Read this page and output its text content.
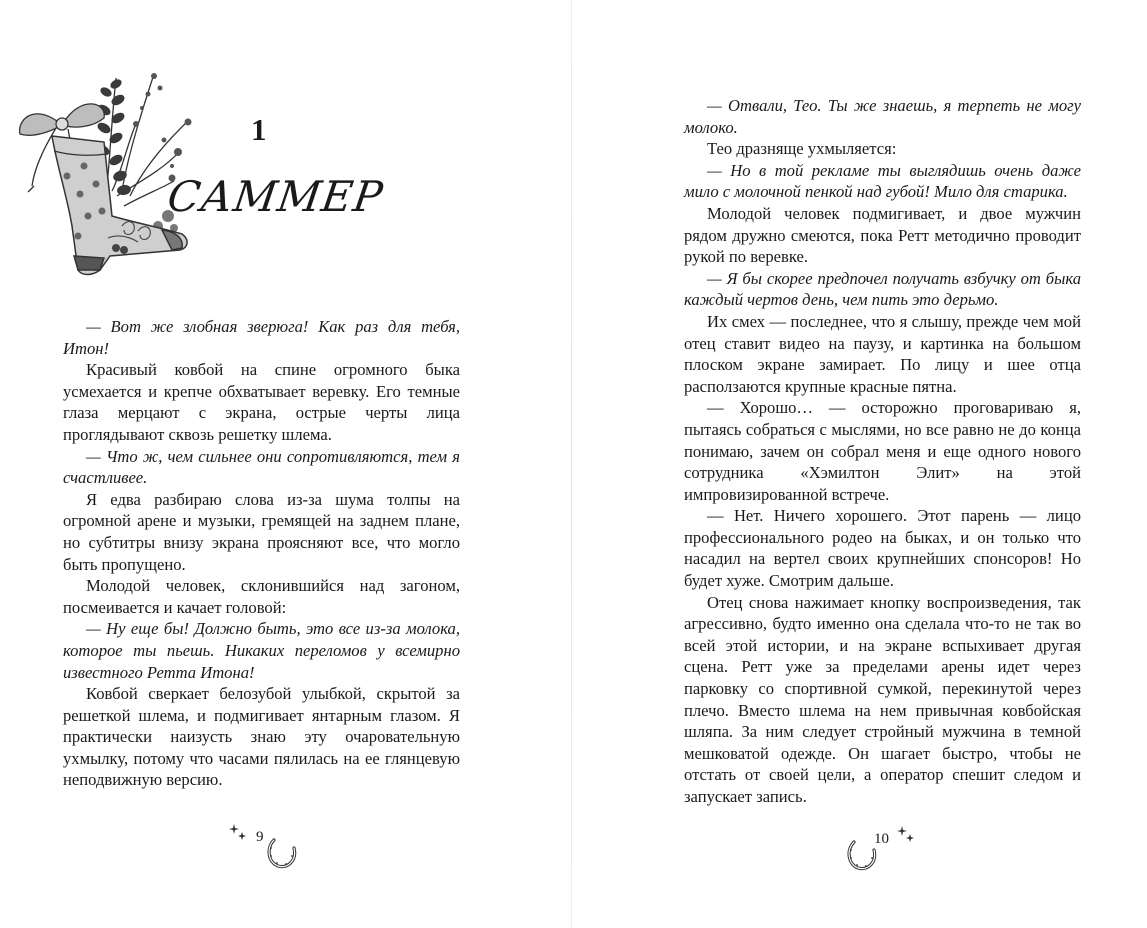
1
САММЕР

— Вот же злобная зверюга! Как раз для тебя, Итон!

Красивый ковбой на спине огромного быка усмехается и крепче обхватывает веревку. Его темные глаза мерцают с экрана, острые черты лица проглядывают сквозь решетку шлема.

— Что ж, чем сильнее они сопротивляются, тем я счастливее.

Я едва разбираю слова из-за шума толпы на огромной арене и музыки, гремящей на заднем плане, но субтитры внизу экрана проясняют все, что могло быть пропущено.

Молодой человек, склонившийся над загоном, посмеивается и качает головой:

— Ну еще бы! Должно быть, это все из-за молока, которое ты пьешь. Никаких переломов у всемирно известного Ретта Итона!

Ковбой сверкает белозубой улыбкой, скрытой за решеткой шлема, и подмигивает янтарным глазом. Я практически наизусть знаю эту очаровательную ухмылку, потому что часами пялилась на ее глянцевую неподвижную версию.

9

— Отвали, Тео. Ты же знаешь, я терпеть не могу молоко.

Тео дразняще ухмыляется:

— Но в той рекламе ты выглядишь очень даже мило с молочной пенкой над губой! Мило для старика.

Молодой человек подмигивает, и двое мужчин рядом дружно смеются, пока Ретт методично проводит рукой по веревке.

— Я бы скорее предпочел получать взбучку от быка каждый чертов день, чем пить это дерьмо.

Их смех — последнее, что я слышу, прежде чем мой отец ставит видео на паузу, и картинка на большом плоском экране замирает. По лицу и шее отца расползаются крупные красные пятна.

— Хорошо… — осторожно проговариваю я, пытаясь собраться с мыслями, но все равно не до конца понимаю, зачем он собрал меня и еще одного нового сотрудника «Хэмилтон Элит» на этой импровизированной встрече.

— Нет. Ничего хорошего. Этот парень — лицо профессионального родео на быках, и он только что насадил на вертел своих крупнейших спонсоров! Но будет хуже. Смотрим дальше.

Отец снова нажимает кнопку воспроизведения, так агрессивно, будто именно она сделала что-то не так во всей этой истории, и на экране вспыхивает другая сцена. Ретт уже за пределами арены идет через парковку со спортивной сумкой, перекинутой через плечо. Вместо шлема на нем привычная ковбойская шляпа. За ним следует стройный мужчина в темной мешковатой одежде. Он шагает быстро, чтобы не отстать от своей цели, а оператор спешит следом и запускает запись.

10
